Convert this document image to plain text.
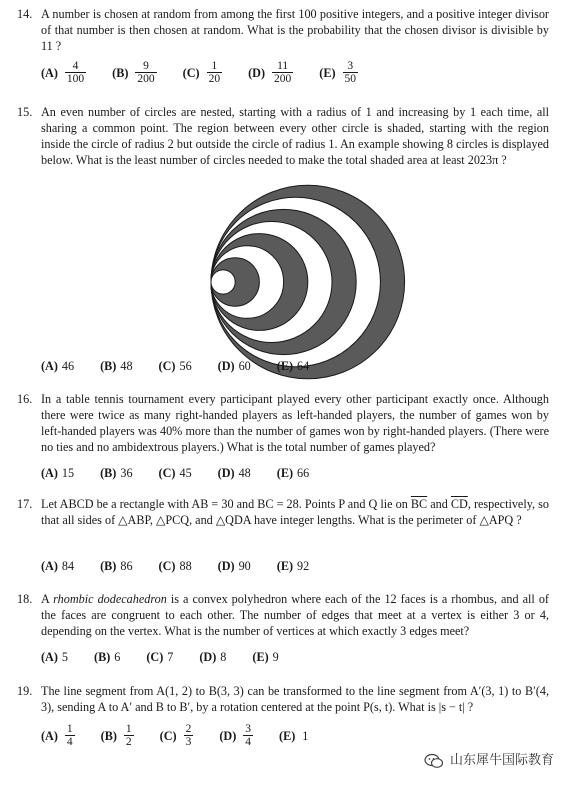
14. A number is chosen at random from among the first 100 positive integers, and a positive integer divisor of that number is then chosen at random. What is the probability that the chosen divisor is divisible by 11 ?
$(A) \frac{4}{100} (B) \frac{9}{200} (C) \frac{1}{20} (D) \frac{11}{200} (E) \frac{3}{50}$
15. An even number of circles are nested, starting with a radius of 1 and increasing by 1 each time, all sharing a common point. The region between every other circle is shaded, starting with the region inside the circle of radius 2 but outside the circle of radius 1. An example showing 8 circles is displayed below. What is the least number of circles needed to make the total shaded area at least 2023π ?
(A) 46 (B) 48 (C) 56 (D) 60 (E) 64
16. In a table tennis tournament every participant played every other participant exactly once. Although there were twice as many right-handed players as left-handed players, the number of games won by left-handed players was 40% more than the number of games won by right-handed players. (There were no ties and no ambidextrous players.) What is the total number of games played?
(A) 15 (B) 36 (C) 45 (D) 48 (E) 66
17. Let ABCD be a rectangle with AB = 30 and BC = 28. Points P and Q lie on $\overline{BC}$ and $\overline{CD}$, respectively, so that all sides of △ABP, △PCQ, and △QDA have integer lengths. What is the perimeter of △APQ ?
(A) 84 (B) 86 (C) 88 (D) 90 (E) 92
18. A rhombic dodecahedron is a convex polyhedron where each of the 12 faces is a rhombus, and all of the faces are congruent to each other. The number of edges that meet at a vertex is either 3 or 4, depending on the vertex. What is the number of vertices at which exactly 3 edges meet?
(A) 5 (B) 6 (C) 7 (D) 8 (E) 9
19. The line segment from A(1, 2) to B(3, 3) can be transformed to the line segment from A′(3, 1) to B′(4, 3), sending A to A′ and B to B′, by a rotation centered at the point P(s, t). What is |s − t| ?
$(A) \frac{1}{4} (B) \frac{1}{2} (C) \frac{2}{3} (D) \frac{3}{4} (E)$ 1
山东犀牛国际教育
